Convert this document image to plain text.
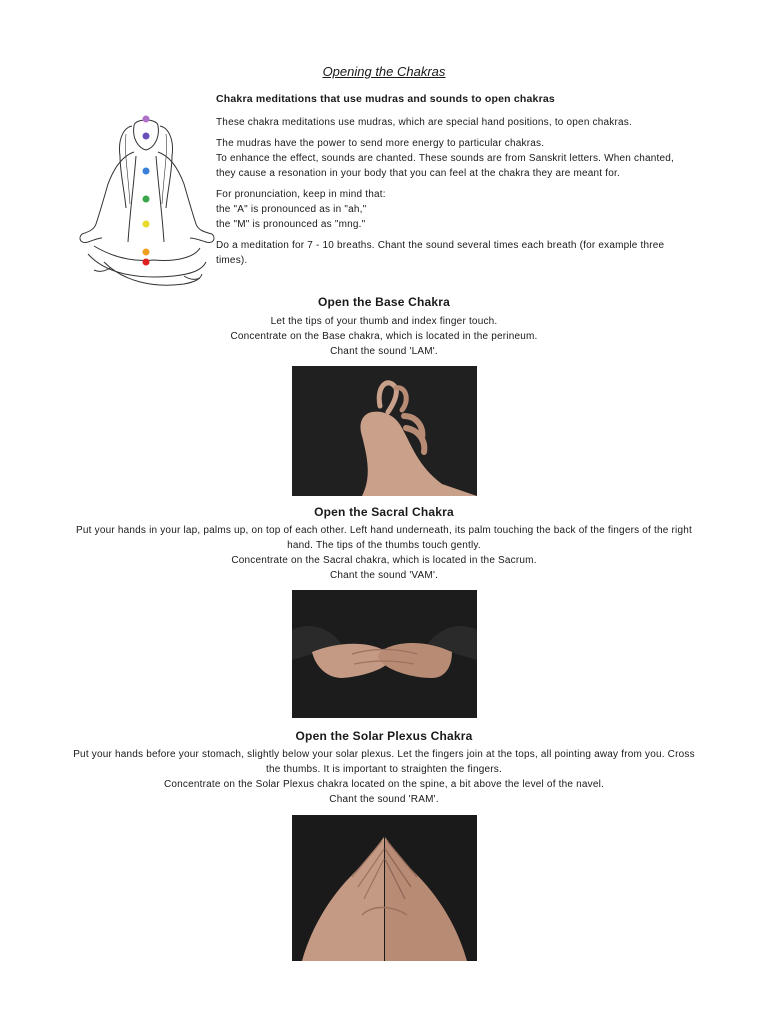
Opening the Chakras

Chakra meditations that use mudras and sounds to open chakras

These chakra meditations use mudras, which are special hand positions, to open chakras.

The mudras have the power to send more energy to particular chakras.
To enhance the effect, sounds are chanted. These sounds are from Sanskrit letters. When chanted, they cause a resonation in your body that you can feel at the chakra they are meant for.

For pronunciation, keep in mind that:
the "A" is pronounced as in "ah,"
the "M" is pronounced as "mng."

Do a meditation for 7 - 10 breaths. Chant the sound several times each breath (for example three times).

Open the Base Chakra

Let the tips of your thumb and index finger touch.

Concentrate on the Base chakra, which is located in the perineum.

Chant the sound 'LAM'.

Open the Sacral Chakra

Put your hands in your lap, palms up, on top of each other. Left hand underneath, its palm touching the back of the fingers of the right hand. The tips of the thumbs touch gently.

Concentrate on the Sacral chakra, which is located in the Sacrum.

Chant the sound 'VAM'.

Open the Solar Plexus Chakra

Put your hands before your stomach, slightly below your solar plexus. Let the fingers join at the tops, all pointing away from you. Cross the thumbs. It is important to straighten the fingers.

Concentrate on the Solar Plexus chakra located on the spine, a bit above the level of the navel.

Chant the sound 'RAM'.
